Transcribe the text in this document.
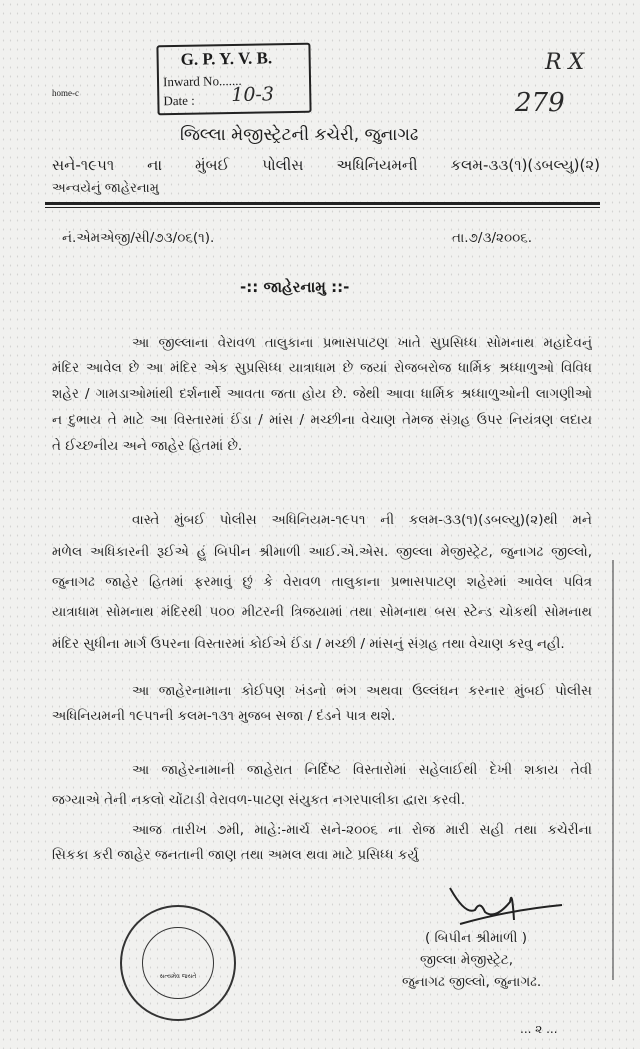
home-c
G. P. Y. V. B.
Inward No.......
Date : 10-3
R X
279
જિલ્લા મેજીસ્ટ્રેટની કચેરી, જુનાગઢ
સને-૧૯૫૧ ના મુંબઈ પોલીસ અધિનિયમની કલમ-૩૩(૧)(ડબલ્યુ)(૨)
અન્વયેનું જાહેરનામુ
નં.એમએજી/સી/૭૩/૦૬(૧).	તા.૭/૩/૨૦૦૬.
-:: જાહેરનામુ ::-
આ જીલ્લાના વેરાવળ તાલુકાના પ્રભાસપાટણ ખાતે સુપ્રસિધ્ધ સોમનાથ મહાદેવનું
મંદિર આવેલ છે આ મંદિર એક સુપ્રસિધ્ધ યાત્રાધામ છે જયાં રોજબરોજ ધાર્મિક શ્રધ્ધાળુઓ વિવિધ
શહેર / ગામડાઓમાંથી દર્શનાર્થે આવતા જતા હોય છે. જેથી આવા ધાર્મિક શ્રધ્ધાળુઓની લાગણીઓ
ન દુભાય તે માટે આ વિસ્તારમાં ઈંડા / માંસ / મચ્છીના વેચાણ તેમજ સંગ્રહ ઉપર નિયંત્રણ લદાય
તે ઈચ્છનીય અને જાહેર હિતમાં છે.
વાસ્તે મુંબઈ પોલીસ અધિનિયમ-૧૯૫૧ ની કલમ-૩૩(૧)(ડબલ્યુ)(૨)થી મને
મળેલ અધિકારની રૂઈએ હું બિપીન શ્રીમાળી આઈ.એ.એસ. જીલ્લા મેજીસ્ટ્રેટ, જુનાગઢ જીલ્લો,
જુનાગઢ જાહેર હિતમાં ફરમાવું છું કે વેરાવળ તાલુકાના પ્રભાસપાટણ શહેરમાં આવેલ પવિત્ર
યાત્રાધામ સોમનાથ મંદિરથી ૫૦૦ મીટરની ત્રિજયામાં તથા સોમનાથ બસ સ્ટેન્ડ ચોકથી સોમનાથ
મંદિર સુધીના માર્ગ ઉપરના વિસ્તારમાં કોઈએ ઈંડા / મચ્છી / માંસનું સંગ્રહ તથા વેચાણ કરવુ નહી.
આ જાહેરનામાના કોઈપણ ખંડનો ભંગ અથવા ઉલ્લંઘન કરનાર મુંબઈ પોલીસ
અધિનિયમની ૧૯૫૧ની કલમ-૧૩૧ મુજબ સજા / દંડને પાત્ર થશે.
આ જાહેરનામાની જાહેરાત નિર્દિષ્ટ વિસ્તારોમાં સહેલાઈથી દેખી શકાય તેવી
જગ્યાએ તેની નકલો ચોંટાડી વેરાવળ-પાટણ સંયુકત નગરપાલીકા દ્વારા કરવી.
આજ તારીખ ૭મી, માહે:-માર્ચ સને-૨૦૦૬ ના રોજ મારી સહી તથા કચેરીના
સિકકા કરી જાહેર જનતાની જાણ તથા અમલ થવા માટે પ્રસિધ્ધ કર્યુ
( બિપીન શ્રીમાળી )
જીલ્લા મેજીસ્ટ્રેટ,
જુનાગઢ જીલ્લો, જુનાગઢ.
સત્યમેવ જયતે
... ૨ ...
